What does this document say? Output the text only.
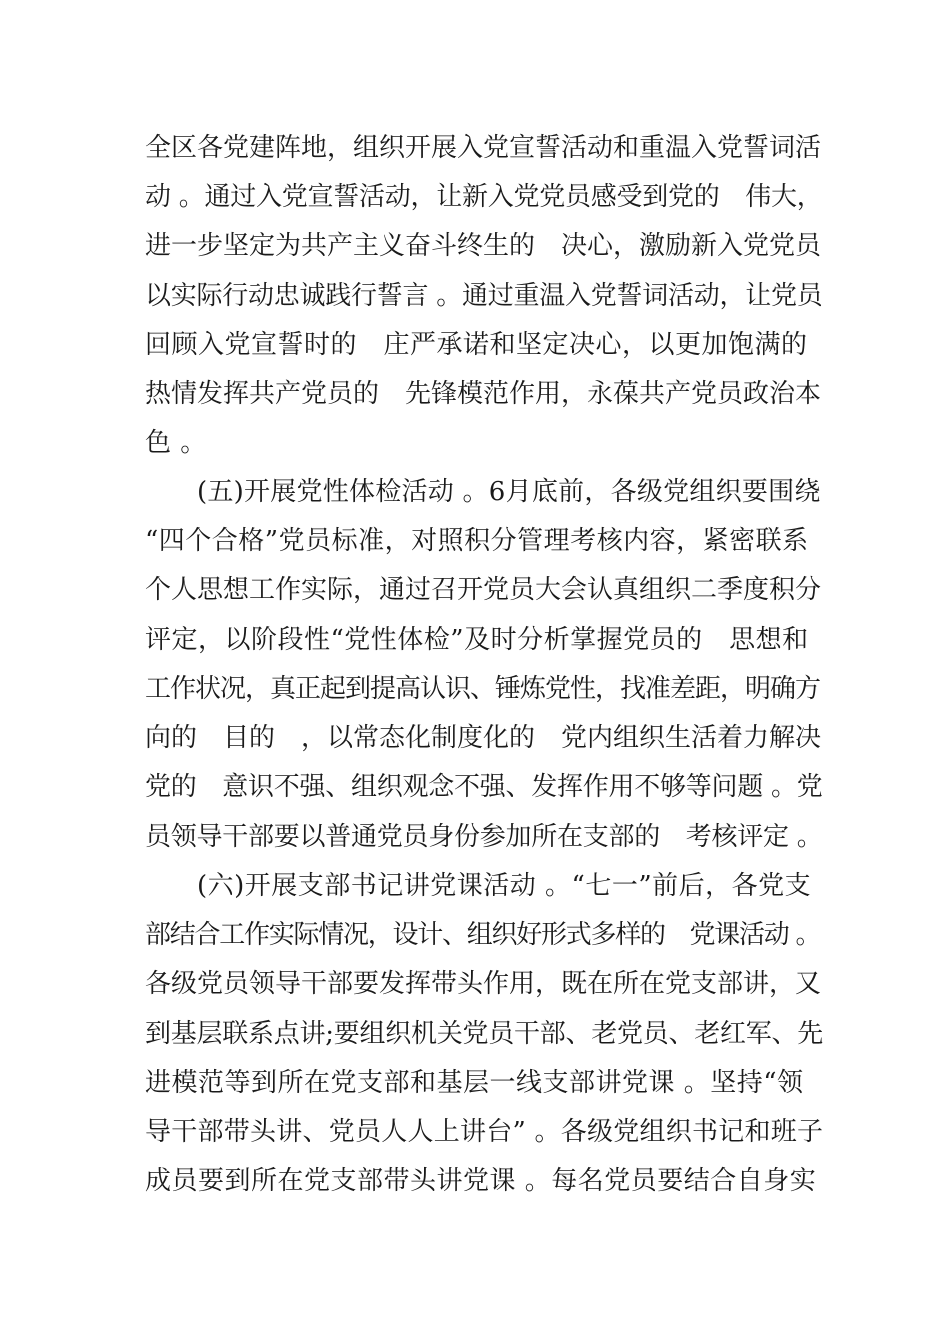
全区各党建阵地，组织开展入党宣誓活动和重温入党誓词活
动 。通过入党宣誓活动，让新入党党员感受到党的　伟大，
进一步坚定为共产主义奋斗终生的　决心，激励新入党党员
以实际行动忠诚践行誓言 。通过重温入党誓词活动，让党员
回顾入党宣誓时的　庄严承诺和坚定决心，以更加饱满的
热情发挥共产党员的　先锋模范作用，永葆共产党员政治本
色 。
(五)开展党性体检活动 。6月底前，各级党组织要围绕
“四个合格”党员标准，对照积分管理考核内容，紧密联系
个人思想工作实际，通过召开党员大会认真组织二季度积分
评定，以阶段性“党性体检”及时分析掌握党员的　思想和
工作状况，真正起到提高认识、锤炼党性，找准差距，明确方
向的　目的　，以常态化制度化的　党内组织生活着力解决
党的　意识不强、组织观念不强、发挥作用不够等问题 。党
员领导干部要以普通党员身份参加所在支部的　考核评定 。
(六)开展支部书记讲党课活动 。“七一”前后，各党支
部结合工作实际情况，设计、组织好形式多样的　党课活动 。
各级党员领导干部要发挥带头作用，既在所在党支部讲，又
到基层联系点讲;要组织机关党员干部、老党员、老红军、先
进模范等到所在党支部和基层一线支部讲党课 。坚持“领
导干部带头讲、党员人人上讲台” 。各级党组织书记和班子
成员要到所在党支部带头讲党课 。每名党员要结合自身实
